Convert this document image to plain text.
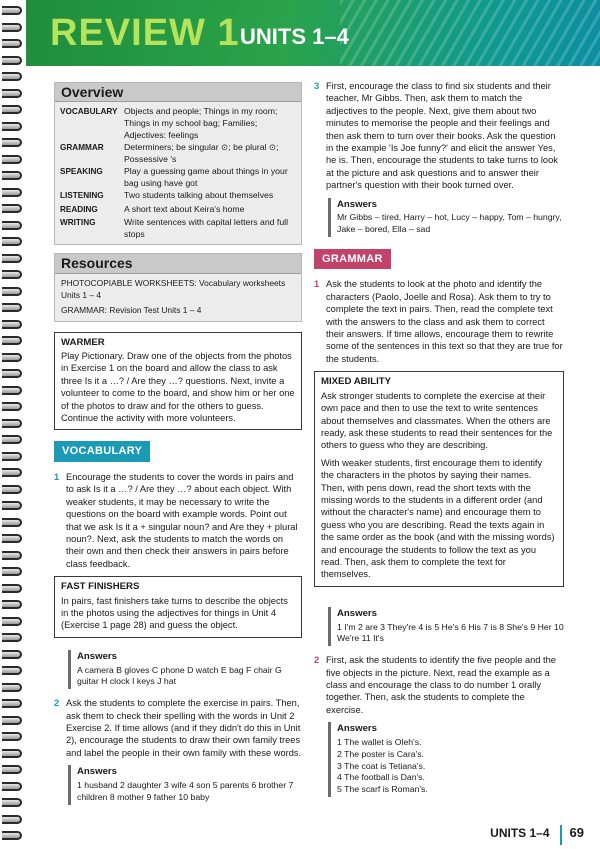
REVIEW 1 UNITS 1–4
Overview
VOCABULARY Objects and people; Things in my room; Things in my school bag; Families; Adjectives: feelings
GRAMMAR	Determiners; be singular ⊙; be plural ⊙; Possessive 's
SPEAKING	Play a guessing game about things in your bag using have got
LISTENING	Two students talking about themselves
READING	A short text about Keira's home
WRITING	Write sentences with capital letters and full stops
Resources
PHOTOCOPIABLE WORKSHEETS: Vocabulary worksheets Units 1 – 4
GRAMMAR: Revision Test Units 1 – 4
WARMER
Play Pictionary. Draw one of the objects from the photos in Exercise 1 on the board and allow the class to ask three Is it a …? / Are they …? questions. Next, invite a volunteer to come to the board, and show him or her one of the photos to draw and for the others to guess. Continue the activity with more volunteers.
VOCABULARY
1 Encourage the students to cover the words in pairs and to ask Is it a …? / Are they …? about each object. With weaker students, it may be necessary to write the questions on the board with example words. Point out that we ask Is it a + singular noun? and Are they + plural noun?. Next, ask the students to match the words on their own and then check their answers in pairs before class feedback.
FAST FINISHERS
In pairs, fast finishers take turns to describe the objects in the photos using the adjectives for things in Unit 4 (Exercise 1 page 28) and guess the object.
Answers
A camera B gloves C phone D watch E bag F chair G guitar H clock I keys J hat
2 Ask the students to complete the exercise in pairs. Then, ask them to check their spelling with the words in Unit 2 Exercise 2. If time allows (and if they didn't do this in Unit 2), encourage the students to draw their own family trees and label the people in their own family with these words.
Answers
1 husband 2 daughter 3 wife 4 son 5 parents 6 brother 7 children 8 mother 9 father 10 baby
3 First, encourage the class to find six students and their teacher, Mr Gibbs. Then, ask them to match the adjectives to the people. Next, give them about two minutes to memorise the people and their feelings and then ask them to turn over their books. Ask the question in the example 'Is Joe funny?' and elicit the answer Yes, he is. Then, encourage the students to take turns to look at the picture and ask questions and to answer their partner's question with their book turned over.
Answers
Mr Gibbs – tired, Harry – hot, Lucy – happy, Tom – hungry, Jake – bored, Ella – sad
GRAMMAR
1 Ask the students to look at the photo and identify the characters (Paolo, Joelle and Rosa). Ask them to try to complete the text in pairs. Then, read the complete text with the answers to the class and ask them to correct their answers. If time allows, encourage them to rewrite some of the sentences in this text so that they are true for the students.
MIXED ABILITY
Ask stronger students to complete the exercise at their own pace and then to use the text to write sentences about themselves and classmates. When the others are ready, ask these students to read their sentences for the others to guess who they are describing.
With weaker students, first encourage them to identify the characters in the photos by saying their names. Then, with pens down, read the short texts with the missing words to the students in a different order (and without the character's name) and encourage them to guess who you are describing. Read the texts again in the same order as the book (and with the missing words) and encourage the students to follow the text as you read. Then, ask them to complete the text for themselves.
Answers
1 I'm 2 are 3 They're 4 is 5 He's 6 His 7 is 8 She's 9 Her 10 We're 11 It's
2 First, ask the students to identify the five people and the five objects in the picture. Next, read the example as a class and encourage the class to do number 1 orally together. Then, ask the students to complete the exercise.
Answers
1 The wallet is Oleh's.
2 The poster is Cara's.
3 The coat is Tetiana's.
4 The football is Dan's.
5 The scarf is Roman's.
UNITS 1–4	69
